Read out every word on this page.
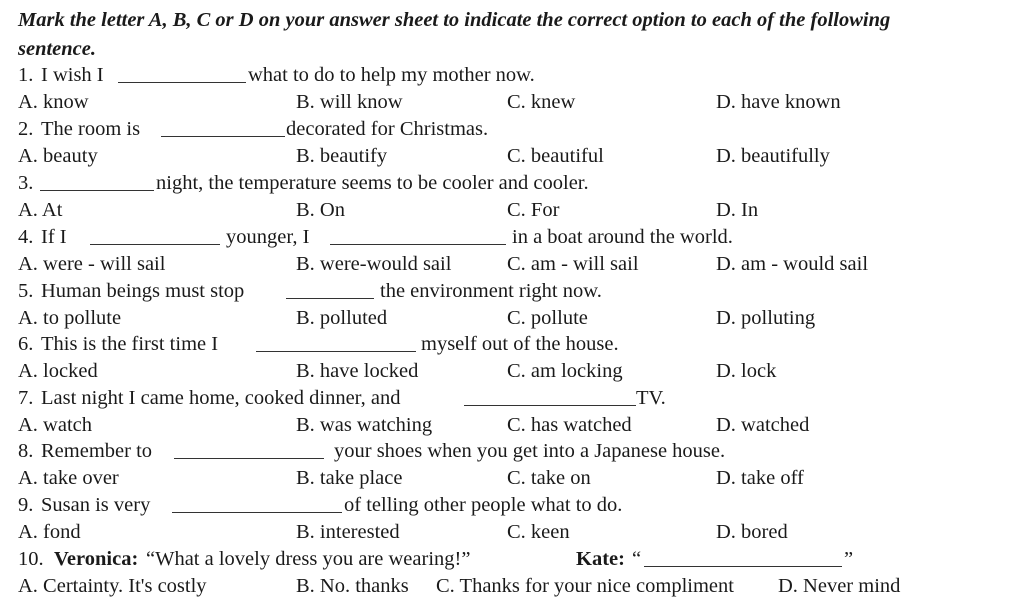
Mark the letter A, B, C or D on your answer sheet to indicate the correct option to each of the following
sentence.
1. I wish I	what to do to help my mother now.
A. know	B. will know	C. knew	D. have known
2. The room is	decorated for Christmas.
A. beauty	B. beautify	C. beautiful	D. beautifully
3.	night, the temperature seems to be cooler and cooler.
A. At	B. On	C. For	D. In
4. If I	younger, I	in a boat around the world.
A. were - will sail	B. were-would sail	C. am - will sail	D. am - would sail
5. Human beings must stop	the environment right now.
A. to pollute	B. polluted	C. pollute	D. polluting
6. This is the first time I	myself out of the house.
A. locked	B. have locked	C. am locking	D. lock
7. Last night I came home, cooked dinner, and	TV.
A. watch	B. was watching	C. has watched	D. watched
8. Remember to	your shoes when you get into a Japanese house.
A. take over	B. take place	C. take on	D. take off
9. Susan is very	of telling other people what to do.
A. fond	B. interested	C. keen	D. bored
10. Veronica: “What a lovely dress you are wearing!”	Kate: “	”
A. Certainty. It's costly	B. No. thanks C. Thanks for your nice compliment D. Never mind
